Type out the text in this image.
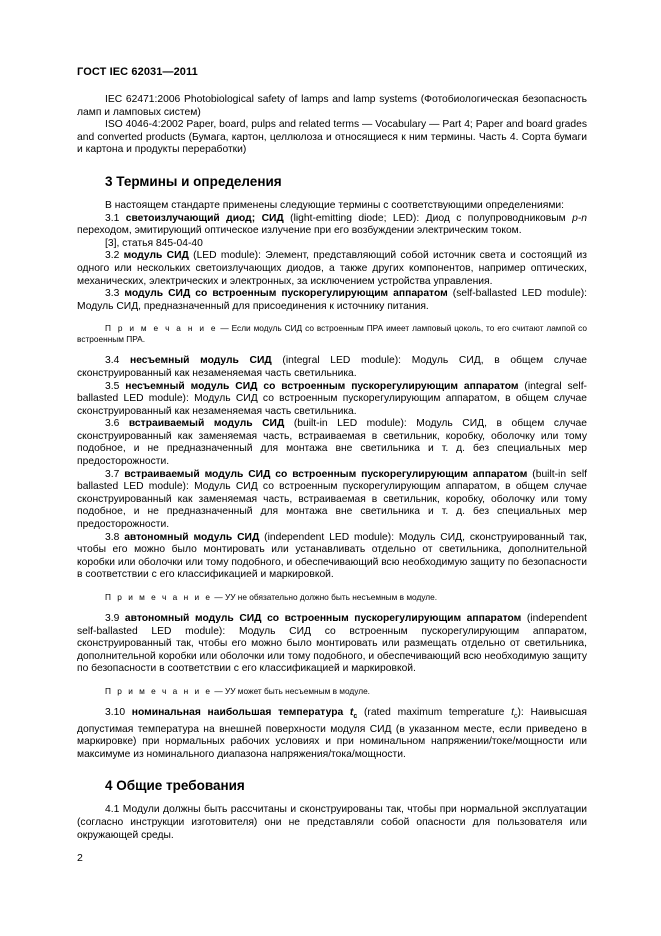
ГОСТ IEC 62031—2011

IEC 62471:2006 Photobiological safety of lamps and lamp systems (Фотобиологическая безопасность ламп и ламповых систем)

ISO 4046-4:2002 Paper, board, pulps and related terms — Vocabulary — Part 4; Paper and board grades and converted products (Бумага, картон, целлюлоза и относящиеся к ним термины. Часть 4. Сорта бумаги и картона и продукты переработки)

3 Термины и определения

В настоящем стандарте применены следующие термины с соответствующими определениями:

3.1 светоизлучающий диод; СИД (light-emitting diode; LED): Диод с полупроводниковым p-n переходом, эмитирующий оптическое излучение при его возбуждении электрическим током.

[3], статья 845-04-40

3.2 модуль СИД (LED module): Элемент, представляющий собой источник света и состоящий из одного или нескольких светоизлучающих диодов, а также других компонентов, например оптических, механических, электрических и электронных, за исключением устройства управления.

3.3 модуль СИД со встроенным пускорегулирующим аппаратом (self-ballasted LED module): Модуль СИД, предназначенный для присоединения к источнику питания.

П р и м е ч а н и е — Если модуль СИД со встроенным ПРА имеет ламповый цоколь, то его считают лампой со встроенным ПРА.

3.4 несъемный модуль СИД (integral LED module): Модуль СИД, в общем случае сконструированный как незаменяемая часть светильника.

3.5 несъемный модуль СИД со встроенным пускорегулирующим аппаратом (integral self-ballasted LED module): Модуль СИД со встроенным пускорегулирующим аппаратом, в общем случае сконструированный как незаменяемая часть светильника.

3.6 встраиваемый модуль СИД (built-in LED module): Модуль СИД, в общем случае сконструированный как заменяемая часть, встраиваемая в светильник, коробку, оболочку или тому подобное, и не предназначенный для монтажа вне светильника и т. д. без специальных мер предосторожности.

3.7 встраиваемый модуль СИД со встроенным пускорегулирующим аппаратом (built-in self ballasted LED module): Модуль СИД со встроенным пускорегулирующим аппаратом, в общем случае сконструированный как заменяемая часть, встраиваемая в светильник, коробку, оболочку или тому подобное, и не предназначенный для монтажа вне светильника и т. д. без специальных мер предосторожности.

3.8 автономный модуль СИД (independent LED module): Модуль СИД, сконструированный так, чтобы его можно было монтировать или устанавливать отдельно от светильника, дополнительной коробки или оболочки или тому подобного, и обеспечивающий всю необходимую защиту по безопасности в соответствии с его классификацией и маркировкой.

П р и м е ч а н и е — УУ не обязательно должно быть несъемным в модуле.

3.9 автономный модуль СИД со встроенным пускорегулирующим аппаратом (independent self-ballasted LED module): Модуль СИД со встроенным пускорегулирующим аппаратом, сконструированный так, чтобы его можно было монтировать или размещать отдельно от светильника, дополнительной коробки или оболочки или тому подобного, и обеспечивающий всю необходимую защиту по безопасности в соответствии с его классификацией и маркировкой.

П р и м е ч а н и е — УУ может быть несъемным в модуле.

3.10 номинальная наибольшая температура $t_c$ (rated maximum temperature $t_c$): Наивысшая допустимая температура на внешней поверхности модуля СИД (в указанном месте, если приведено в маркировке) при нормальных рабочих условиях и при номинальном напряжении/токе/мощности или максимуме из номинального диапазона напряжения/тока/мощности.

4 Общие требования

4.1 Модули должны быть рассчитаны и сконструированы так, чтобы при нормальной эксплуатации (согласно инструкции изготовителя) они не представляли собой опасности для пользователя или окружающей среды.

2
